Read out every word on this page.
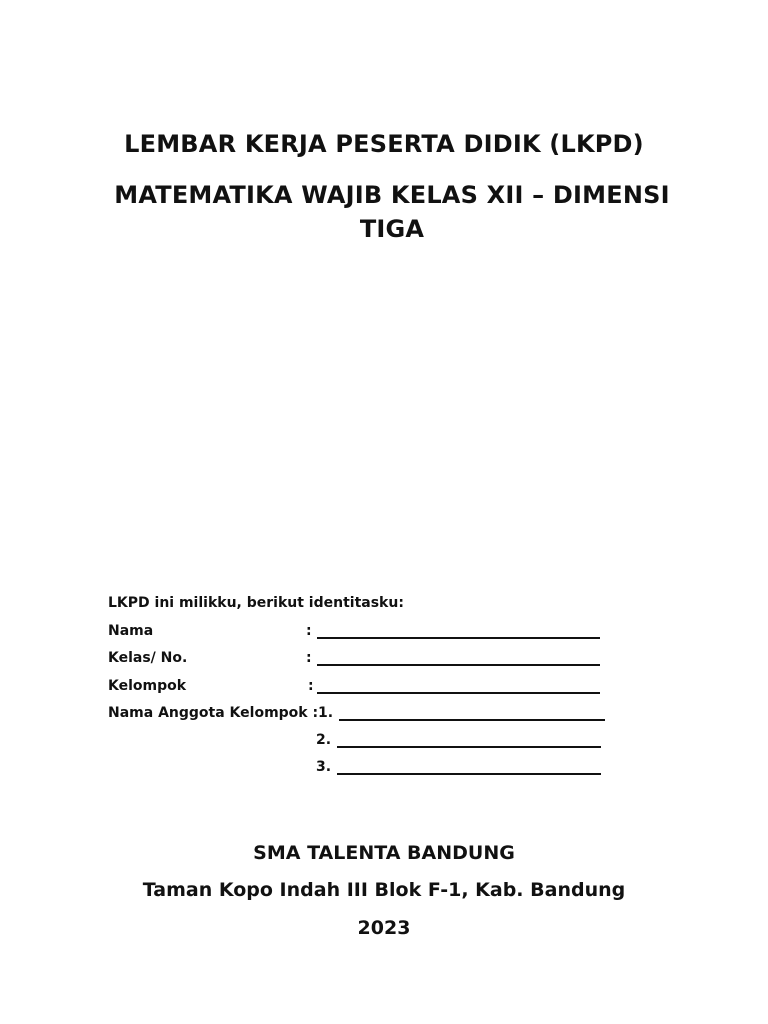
LEMBAR KERJA PESERTA DIDIK (LKPD)
MATEMATIKA WAJIB KELAS XII – DIMENSI TIGA
LKPD ini milikku, berikut identitasku:
Nama	:
Kelas/ No.	:
Kelompok	:
Nama Anggota Kelompok : 1.
2.
3.
SMA TALENTA BANDUNG
Taman Kopo Indah III Blok F-1, Kab. Bandung
2023
